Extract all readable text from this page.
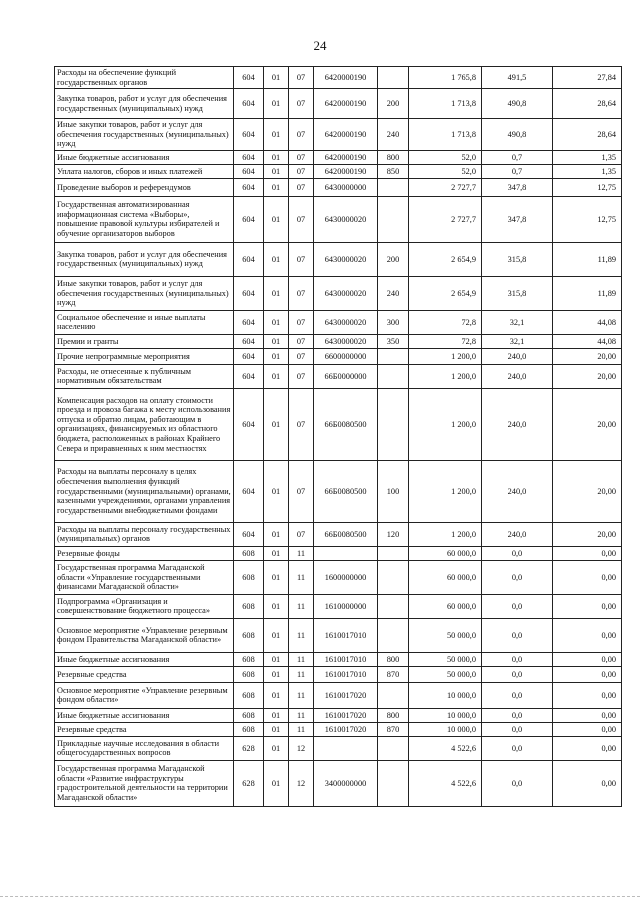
24
Расходы на обеспечение функций государственных органов	604	01	07	6420000190		1 765,8	491,5	27,84
Закупка товаров, работ и услуг для обеспечения государственных (муниципальных) нужд	604	01	07	6420000190	200	1 713,8	490,8	28,64
Иные закупки товаров, работ и услуг для обеспечения государственных (муниципальных) нужд	604	01	07	6420000190	240	1 713,8	490,8	28,64
Иные бюджетные ассигнования	604	01	07	6420000190	800	52,0	0,7	1,35
Уплата налогов, сборов и иных платежей	604	01	07	6420000190	850	52,0	0,7	1,35
Проведение выборов и референдумов	604	01	07	6430000000		2 727,7	347,8	12,75
Государственная автоматизированная информационная система «Выборы», повышение правовой культуры избирателей и обучение организаторов выборов	604	01	07	6430000020		2 727,7	347,8	12,75
Закупка товаров, работ и услуг для обеспечения государственных (муниципальных) нужд	604	01	07	6430000020	200	2 654,9	315,8	11,89
Иные закупки товаров, работ и услуг для обеспечения государственных (муниципальных) нужд	604	01	07	6430000020	240	2 654,9	315,8	11,89
Социальное обеспечение и иные выплаты населению	604	01	07	6430000020	300	72,8	32,1	44,08
Премии и гранты	604	01	07	6430000020	350	72,8	32,1	44,08
Прочие непрограммные мероприятия	604	01	07	6600000000		1 200,0	240,0	20,00
Расходы, не отнесенные к публичным нормативным обязательствам	604	01	07	66Б0000000		1 200,0	240,0	20,00
Компенсация расходов на оплату стоимости проезда и провоза багажа к месту использования отпуска и обратно лицам, работающим в организациях, финансируемых из областного бюджета, расположенных в районах Крайнего Севера и приравненных к ним местностях	604	01	07	66Б0080500		1 200,0	240,0	20,00
Расходы на выплаты персоналу в целях обеспечения выполнения функций государственными (муниципальными) органами, казенными учреждениями, органами управления государственными внебюджетными фондами	604	01	07	66Б0080500	100	1 200,0	240,0	20,00
Расходы на выплаты персоналу государственных (муниципальных) органов	604	01	07	66Б0080500	120	1 200,0	240,0	20,00
Резервные фонды	608	01	11			60 000,0	0,0	0,00
Государственная программа Магаданской области «Управление государственными финансами Магаданской области»	608	01	11	1600000000		60 000,0	0,0	0,00
Подпрограмма «Организация и совершенствование бюджетного процесса»	608	01	11	1610000000		60 000,0	0,0	0,00
Основное мероприятие «Управление резервным фондом Правительства Магаданской области»	608	01	11	1610017010		50 000,0	0,0	0,00
Иные бюджетные ассигнования	608	01	11	1610017010	800	50 000,0	0,0	0,00
Резервные средства	608	01	11	1610017010	870	50 000,0	0,0	0,00
Основное мероприятие «Управление резервным фондом области»	608	01	11	1610017020		10 000,0	0,0	0,00
Иные бюджетные ассигнования	608	01	11	1610017020	800	10 000,0	0,0	0,00
Резервные средства	608	01	11	1610017020	870	10 000,0	0,0	0,00
Прикладные научные исследования в области общегосударственных вопросов	628	01	12			4 522,6	0,0	0,00
Государственная программа Магаданской области «Развитие инфраструктуры градостроительной деятельности на территории Магаданской области»	628	01	12	3400000000		4 522,6	0,0	0,00
